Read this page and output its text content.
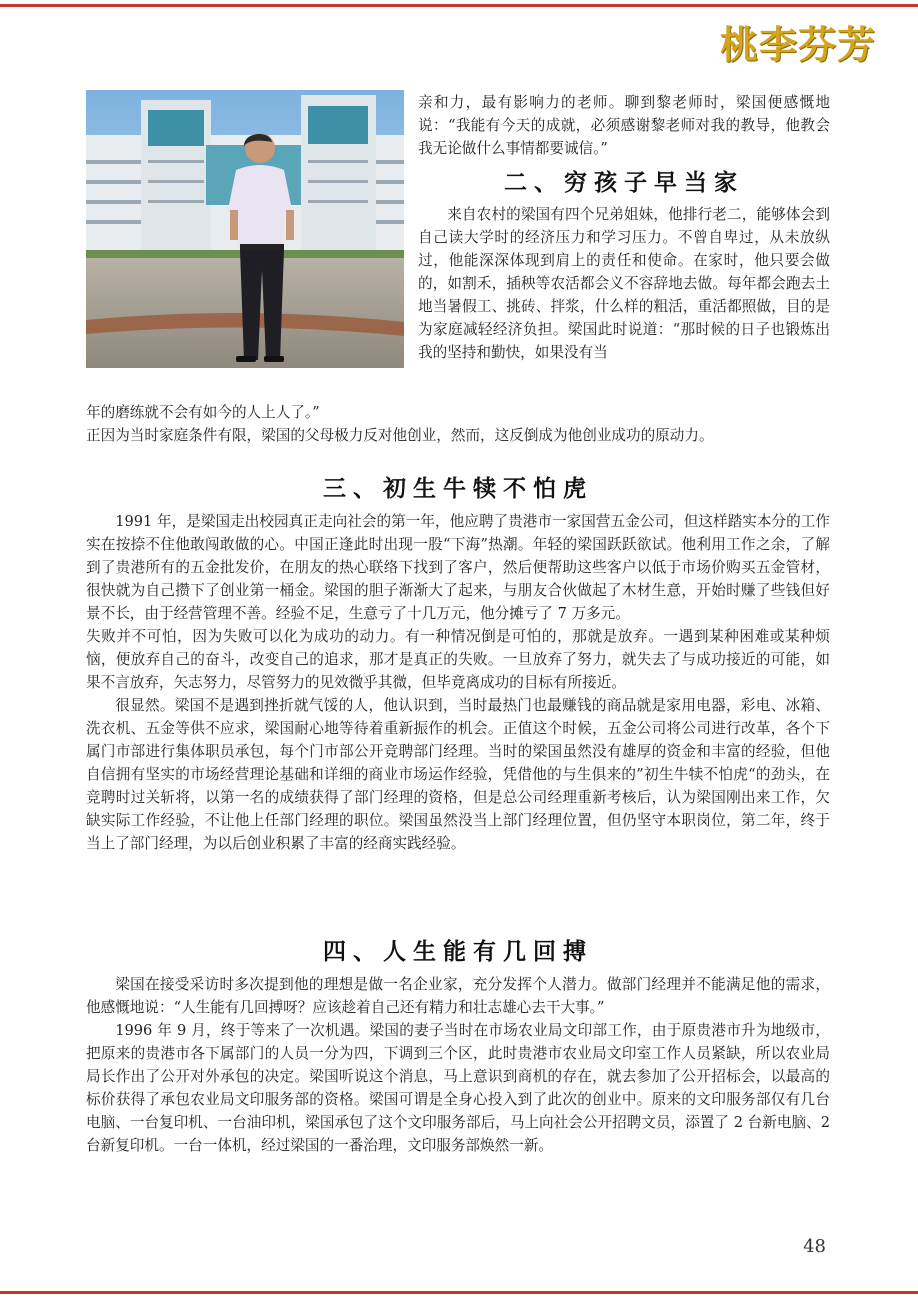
桃李芬芳

亲和力，最有影响力的老师。聊到黎老师时，梁国便感慨地说：“我能有今天的成就，必须感谢黎老师对我的教导，他教会我无论做什么事情都要诚信。”

二、穷孩子早当家

来自农村的梁国有四个兄弟姐妹，他排行老二，能够体会到自己读大学时的经济压力和学习压力。不曾自卑过，从未放纵过，他能深深体现到肩上的责任和使命。在家时，他只要会做的，如割禾，插秧等农活都会义不容辞地去做。每年都会跑去土地当暑假工、挑砖、拌浆，什么样的粗活，重活都照做，目的是为家庭减轻经济负担。梁国此时说道：“那时候的日子也锻炼出我的坚持和勤快，如果没有当

年的磨练就不会有如今的人上人了。”

正因为当时家庭条件有限，梁国的父母极力反对他创业，然而，这反倒成为他创业成功的原动力。

三、初生牛犊不怕虎

1991 年，是梁国走出校园真正走向社会的第一年，他应聘了贵港市一家国营五金公司，但这样踏实本分的工作实在按捺不住他敢闯敢做的心。中国正逢此时出现一股“下海”热潮。年轻的梁国跃跃欲试。他利用工作之余，了解到了贵港所有的五金批发价，在朋友的热心联络下找到了客户，然后便帮助这些客户以低于市场价购买五金管材，很快就为自己攒下了创业第一桶金。梁国的胆子渐渐大了起来，与朋友合伙做起了木材生意，开始时赚了些钱但好景不长，由于经营管理不善。经验不足，生意亏了十几万元，他分摊亏了 7 万多元。

失败并不可怕，因为失败可以化为成功的动力。有一种情况倒是可怕的，那就是放弃。一遇到某种困难或某种烦恼，便放弃自己的奋斗，改变自己的追求，那才是真正的失败。一旦放弃了努力，就失去了与成功接近的可能，如果不言放弃，矢志努力，尽管努力的见效微乎其微，但毕竟离成功的目标有所接近。

很显然。梁国不是遇到挫折就气馁的人，他认识到，当时最热门也最赚钱的商品就是家用电器，彩电、冰箱、洗衣机、五金等供不应求，梁国耐心地等待着重新振作的机会。正值这个时候，五金公司将公司进行改革，各个下属门市部进行集体职员承包，每个门市部公开竞聘部门经理。当时的梁国虽然没有雄厚的资金和丰富的经验，但他自信拥有坚实的市场经营理论基础和详细的商业市场运作经验，凭借他的与生俱来的”初生牛犊不怕虎“的劲头，在竞聘时过关斩将，以第一名的成绩获得了部门经理的资格，但是总公司经理重新考核后，认为梁国刚出来工作，欠缺实际工作经验，不让他上任部门经理的职位。梁国虽然没当上部门经理位置，但仍坚守本职岗位，第二年，终于当上了部门经理，为以后创业积累了丰富的经商实践经验。

四、人生能有几回搏

梁国在接受采访时多次提到他的理想是做一名企业家，充分发挥个人潜力。做部门经理并不能满足他的需求，他感慨地说：“人生能有几回搏呀？应该趁着自己还有精力和壮志雄心去干大事。”

1996 年 9 月，终于等来了一次机遇。梁国的妻子当时在市场农业局文印部工作，由于原贵港市升为地级市，把原来的贵港市各下属部门的人员一分为四，下调到三个区，此时贵港市农业局文印室工作人员紧缺，所以农业局局长作出了公开对外承包的决定。梁国听说这个消息，马上意识到商机的存在，就去参加了公开招标会，以最高的标价获得了承包农业局文印服务部的资格。梁国可谓是全身心投入到了此次的创业中。原来的文印服务部仅有几台电脑、一台复印机、一台油印机，梁国承包了这个文印服务部后，马上向社会公开招聘文员，添置了 2 台新电脑、2 台新复印机。一台一体机，经过梁国的一番治理，文印服务部焕然一新。

48
